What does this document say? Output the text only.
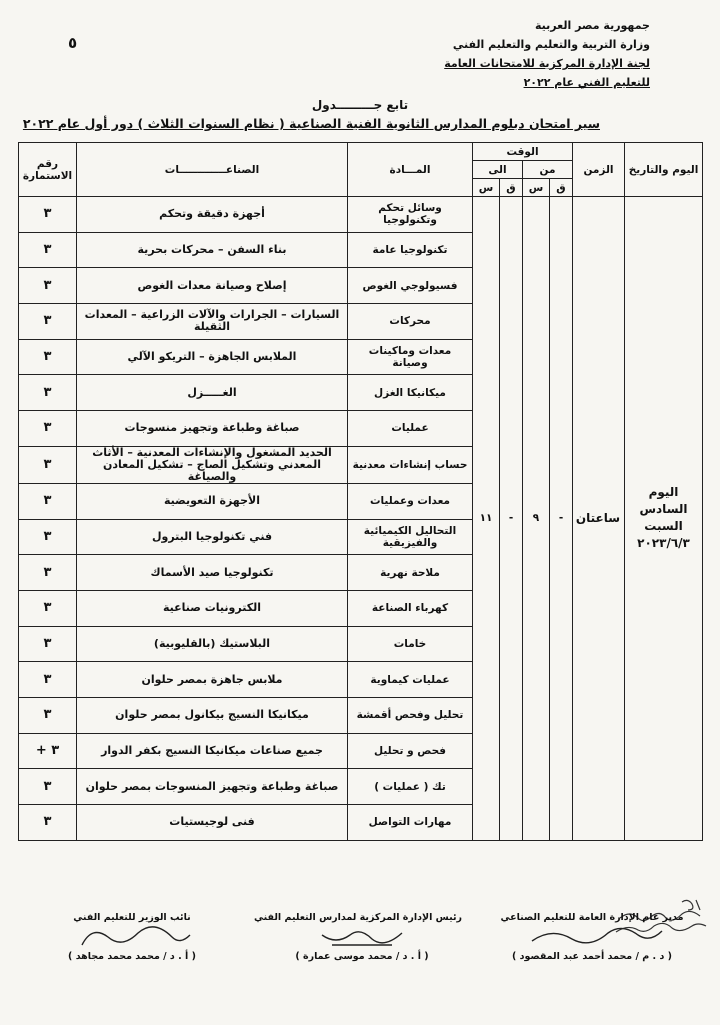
٥
جمهورية مصر العربية
وزارة التربية والتعليم والتعليم الفني
لجنة الإدارة المركزية للامتحانات العامة
للتعليم الفني عام ٢٠٢٢
تابع جـــــــــدول
سير امتحان دبلوم المدارس الثانوية الفنية الصناعية ( نظام السنوات الثلاث ) دور أول عام ٢٠٢٢
اليوم والتاريخ	الزمن	الوقت				المـــادة	الصناعـــــــــــــات	رقم الاستمارة
		من		الى				
		ق	س	ق	س			
اليوم السادس السبت ٢٠٢٣/٦/٣	ساعتان	-	٩	-	١١	وسائل تحكم وتكنولوجيا	أجهزة دقيقة وتحكم	٣
						تكنولوجيا عامة	بناء السفن – محركات بحرية	٣
						فسيولوجي الغوص	إصلاح وصيانة معدات الغوص	٣
						محركات	السيارات – الجرارات والآلات الزراعية – المعدات الثقيلة	٣
						معدات وماكينات وصيانة	الملابس الجاهزة – التريكو الآلي	٣
						ميكانيكا الغزل	الغـــــزل	٣
						عمليات	صباغة وطباعة وتجهيز منسوجات	٣
						حساب إنشاءات معدنية	الحديد المشغول والإنشاءات المعدنية – الأثاث المعدني وتشكيل الصاج – تشكيل المعادن والصياغة	٣
						معدات وعمليات	الأجهزة التعويضية	٣
						التحاليل الكيميائية والفيزيقية	فني تكنولوجيا البترول	٣
						ملاحة نهرية	تكنولوجيا صيد الأسماك	٣
						كهرباء الصناعة	الكترونيات صناعية	٣
						خامات	البلاستيك (بالقليوبية)	٣
						عمليات كيماوية	ملابس جاهزة بمصر حلوان	٣
						تحليل وفحص أقمشة	ميكانيكا النسيج بيكانول بمصر حلوان	٣
						فحص و تحليل	جميع صناعات ميكانيكا النسيج بكفر الدوار	٣ +
						تك ( عمليات )	صباغة وطباعة وتجهيز المنسوجات بمصر حلوان	٣
						مهارات التواصل	فنى لوجيستيات	٣
مدير عام الإدارة العامة للتعليم الصناعي
( د . م / محمد أحمد عبد المقصود )
رئيس الإدارة المركزية لمدارس التعليم الفني
( أ . د / محمد موسى عمارة )
نائب الوزير للتعليم الفني
( أ . د / محمد محمد مجاهد )
